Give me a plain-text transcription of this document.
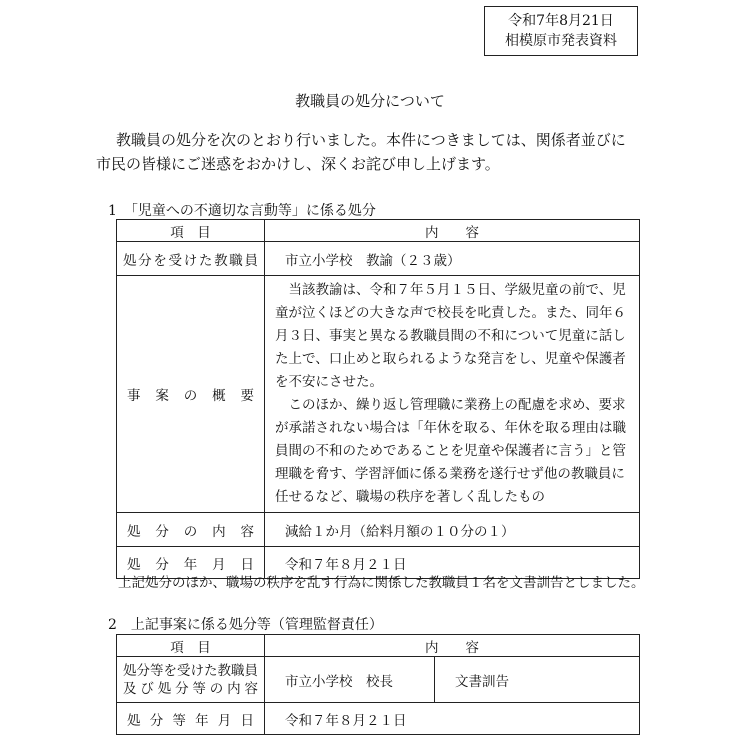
令和7年8月21日
相模原市発表資料
教職員の処分について
教職員の処分を次のとおり行いました。本件につきましては、関係者並びに
市民の皆様にご迷惑をおかけし、深くお詫び申し上げます。
1　「児童への不適切な言動等」に係る処分
項　目	内　　容
処分を受けた教職員	市立小学校　教諭（２３歳）
事案の概要	当該教諭は、令和７年５月１５日、学級児童の前で、児童が泣くほどの大きな声で校長を叱責した。また、同年６月３日、事実と異なる教職員間の不和について児童に話した上で、口止めと取られるような発言をし、児童や保護者を不安にさせた。

このほか、繰り返し管理職に業務上の配慮を求め、要求が承諾されない場合は「年休を取る、年休を取る理由は職員間の不和のためであることを児童や保護者に言う」と管理職を脅す、学習評価に係る業務を遂行せず他の教職員に任せるなど、職場の秩序を著しく乱したもの

処分の内容	減給１か月（給料月額の１０分の１）
処分年月日	令和７年８月２１日
上記処分のほか、職場の秩序を乱す行為に関係した教職員１名を文書訓告としました。
2　上記事案に係る処分等（管理監督責任）
項　目	内　　容	

処分等を受けた教職員
及び処分等の内容	市立小学校　校長	文書訓告
処分等年月日	令和７年８月２１日	
